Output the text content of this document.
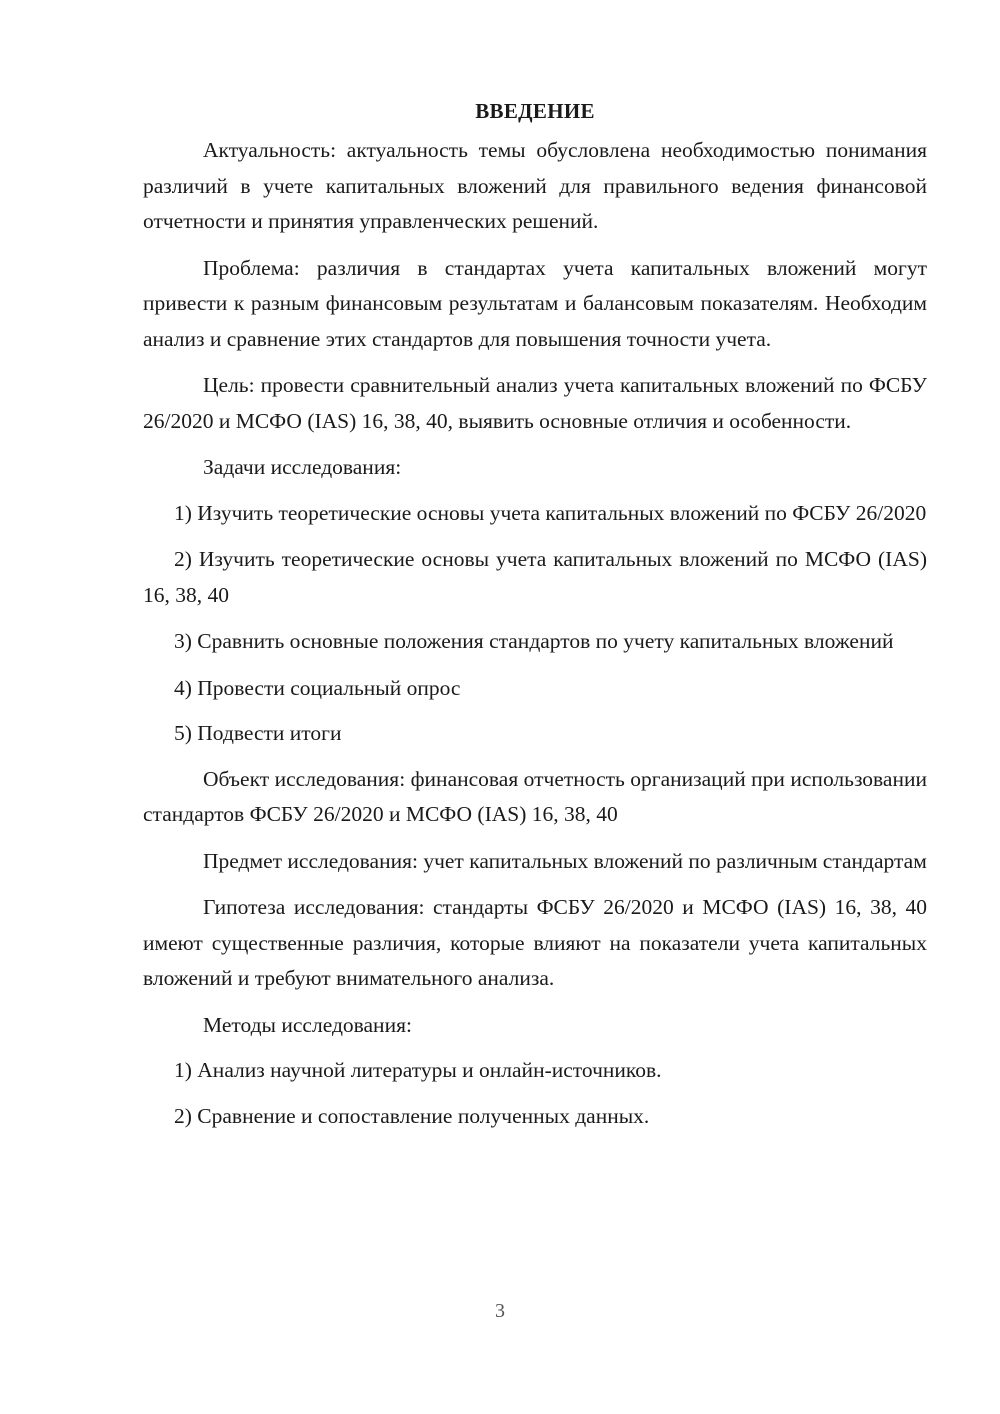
ВВЕДЕНИЕ

Актуальность: актуальность темы обусловлена необходимостью понимания различий в учете капитальных вложений для правильного ведения финансовой отчетности и принятия управленческих решений.

Проблема: различия в стандартах учета капитальных вложений могут привести к разным финансовым результатам и балансовым показателям. Необходим анализ и сравнение этих стандартов для повышения точности учета.

Цель: провести сравнительный анализ учета капитальных вложений по ФСБУ 26/2020 и МСФО (IAS) 16, 38, 40, выявить основные отличия и особенности.

Задачи исследования:

1) Изучить теоретические основы учета капитальных вложений по ФСБУ 26/2020

2) Изучить теоретические основы учета капитальных вложений по МСФО (IAS) 16, 38, 40

3) Сравнить основные положения стандартов по учету капитальных вложений

4) Провести социальный опрос

5) Подвести итоги

Объект исследования: финансовая отчетность организаций при использовании стандартов ФСБУ 26/2020 и МСФО (IAS) 16, 38, 40

Предмет исследования: учет капитальных вложений по различным стандартам

Гипотеза исследования: стандарты ФСБУ 26/2020 и МСФО (IAS) 16, 38, 40 имеют существенные различия, которые влияют на показатели учета капитальных вложений и требуют внимательного анализа.

Методы исследования:

1) Анализ научной литературы и онлайн-источников.

2) Сравнение и сопоставление полученных данных.

3
